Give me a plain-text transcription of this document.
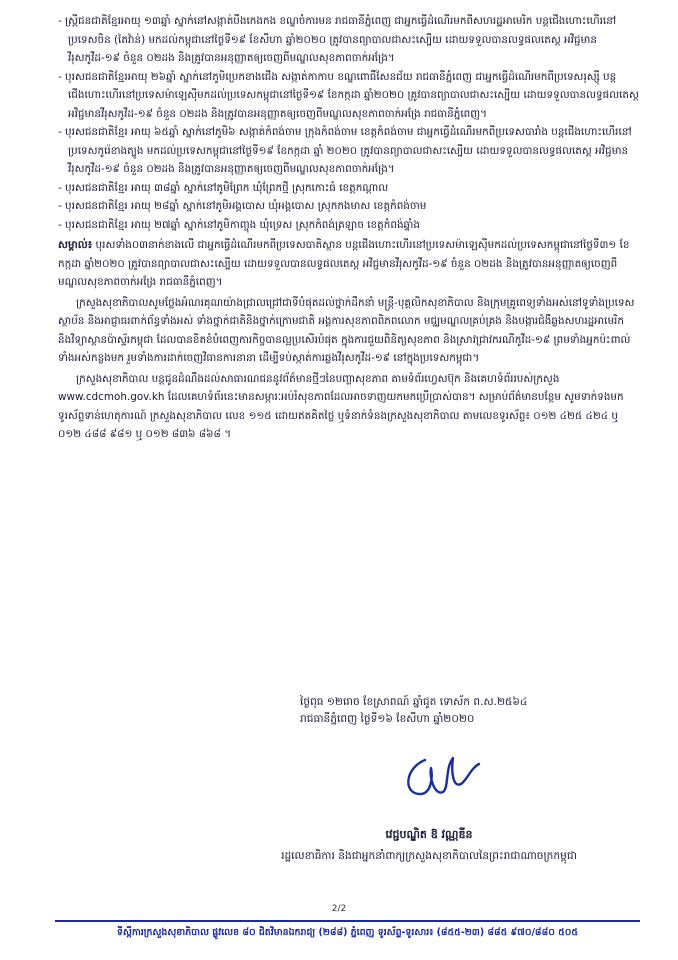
- ស្ត្រីជនជាតិខ្មែរអាយុ ១៣ឆ្នាំ ស្នាក់នៅសង្កាត់បឹងកេងកង ខណ្ឌចំការមន រាជធានីភ្នំពេញ ជាអ្នកធ្វើដំណើរមកពីសហរដ្ឋអាមេរិក បន្តជើងហោះហើរនៅប្រទេសចិន (តៃវ៉ាន់) មកដល់កម្ពុជានៅថ្ងៃទី១៩ ខែសីហា ឆ្នាំ២០២០ ត្រូវបានព្យាបាលជាសះស្បើយ ដោយទទួលបានលទ្ធផលតេស្ត អវិជ្ជមានវីរុសកូវីដ-១៩ ចំនួន ០២ដង និងត្រូវបានអនុញ្ញាតឲ្យចេញពីមណ្ឌលសុខភាពចាក់អង្រែ។

- បុរសជនជាតិខ្មែរអាយុ ២៦ឆ្នាំ ស្នាក់នៅភូមិប្រេកខាងជើង សង្កាត់កាកាប ខណ្ឌពោធិ៍សែនជ័យ រាជធានីភ្នំពេញ ជាអ្នកធ្វើដំណើរមកពីប្រទេសរុស្ស៊ី បន្តជើងហោះហើរនៅប្រទេសម៉ាឡេស៊ីមកដល់ប្រទេសកម្ពុជានៅថ្ងៃទី១៩ ខែកក្កដា ឆ្នាំ២០២០ ត្រូវបានព្យាបាលជាសះស្បើយ ដោយទទួលបានលទ្ធផលតេស្ត អវិជ្ជមានវីរុសកូវីដ-១៩ ចំនួន ០២ដង និងត្រូវបានអនុញ្ញាតឲ្យចេញពីមណ្ឌលសុខភាពចាក់អង្រែ រាជធានីភ្នំពេញ។

- បុរសជនជាតិខ្មែរ អាយុ ៦៥ឆ្នាំ ស្នាក់នៅភូមិ៦ សង្កាត់កំពង់ចាម ក្រុងកំពង់ចាម ខេត្តកំពង់ចាម ជាអ្នកធ្វើដំណើរមកពីប្រទេសបារាំង បន្តជើងហោះហើរនៅប្រទេសកូរ៉េខាងត្បូង មកដល់ប្រទេសកម្ពុជានៅថ្ងៃទី១៩ ខែកក្កដា ឆ្នាំ ២០២០ ត្រូវបានព្យាបាលជាសះស្បើយ ដោយទទួលបានលទ្ធផលតេស្ត អវិជ្ជមានវីរុសកូវីដ-១៩ ចំនួន ០២ដង និងត្រូវបានអនុញ្ញាតឲ្យចេញពីមណ្ឌលសុខភាពចាក់អង្រែ។

- បុរសជនជាតិខ្មែរ អាយុ ៣៨ឆ្នាំ ស្នាក់នៅភូមិព្រែក ឃុំព្រែកថ្មី ស្រុកកោះធំ ខេត្តកណ្តាល

- បុរសជនជាតិខ្មែរ អាយុ ២៨ឆ្នាំ ស្នាក់នៅភូមិអង្គបោស ឃុំអង្គបោស ស្រុកកងមាស ខេត្តកំពង់ចាម

- បុរសជនជាតិខ្មែរ អាយុ ២៧ឆ្នាំ ស្នាក់នៅភូមិកាញ្ចុង ឃុំទ្រេស ស្រុកកំពង់ត្រឡាច ខេត្តកំពង់ឆ្នាំង

សម្គាល់៖ បុរសទាំង០៣នាក់ខាងលើ ជាអ្នកធ្វើដំណើរមកពីប្រទេសបាតិស្ថាន បន្តជើងហោះហើរនៅប្រទេសម៉ាឡេស៊ីមកដល់ប្រទេសកម្ពុជានៅថ្ងៃទី៣១ ខែកក្កដា ឆ្នាំ២០២០ ត្រូវបានព្យាបាលជាសះស្បើយ ដោយទទួលបានលទ្ធផលតេស្ត អវិជ្ជមានវីរុសកូវីដ-១៩ ចំនួន ០២ដង និងត្រូវបានអនុញ្ញាតឲ្យចេញពីមណ្ឌលសុខភាពចាក់អង្រែ រាជធានីភ្នំពេញ។

ក្រសួងសុខាភិបាលសូមថ្លែងអំណរគុណយ៉ាងជ្រាលជ្រៅជាទីបំផុតដល់ថ្នាក់ដឹកនាំ មន្រ្តី-បុគ្គលិកសុខាភិបាល និងក្រុមគ្រូពេទ្យទាំងអស់នៅទូទាំងប្រទេស ស្ថាប័ន និងអាជ្ញាធរពាក់ព័ន្ធទាំងអស់ ទាំងថ្នាក់ជាតិនិងថ្នាក់ក្រោមជាតិ អង្គការសុខភាពពិភពលោក មជ្ឈមណ្ឌលគ្រប់គ្រង និងបង្ការជំងឺឆ្លងសហរដ្ឋអាមេរិក និងវិទ្យាស្ថានប៉ាស្ទ័រកម្ពុជា ដែលបានខិតខំបំពេញការកិច្ចបានល្អប្រសើរបំផុត ក្នុងការជួយពិនិត្យសុខភាព និងស្រាវជ្រាវករណីកូវីដ-១៩ ព្រមទាំងអ្នកប៉ះពាល់ទាំងអស់កន្លងមក រួមទាំងការដាក់ចេញវិធានការនានា ដើម្បីទប់ស្កាត់ការឆ្លងវីរុសកូវីដ-១៩ នៅក្នុងប្រទេសកម្ពុជា។

ក្រសួងសុខាភិបាល បន្តជូនដំណឹងដល់សាធារណជននូវព័ត៌មានថ្មីៗនៃបញ្ហាសុខភាព តាមទំព័រហ្វេសប៊ុក និងគេហទំព័ររបស់ក្រសួង www.cdcmoh.gov.kh ដែលគេហទំព័រនេះមានសម្ភារៈអប់រំសុខភាពដែលអាចទាញយកមកប្រើប្រាស់បាន។ សម្រាប់ព័ត៌មានបន្ថែម សូមទាក់ទងមកទូរស័ព្ទទាន់ហេតុការណ៍ ក្រសួងសុខាភិបាល លេខ ១១៥ ដោយឥតគិតថ្លៃ ឬទំនាក់ទំនងក្រសួងសុខាភិបាល តាមលេខទូរស័ព្ទ៖ ០១២ ៤២៥ ៤២៤ ឬ ០១២ ៤៨៨ ៩៨១ ឬ ០១២ ៨៣៦ ៨៦៨ ។

ថ្ងៃពុធ ១២រោច ខែស្រាពណ៍ ឆ្នាំជូត ទោស័ក ព.ស.២៥៦៤
រាជធានីភ្នំពេញ ថ្ងៃទី១៦ ខែសីហា ឆ្នាំ២០២០
វេជ្ជបណ្ឌិត ឱ វណ្ណឌីន
រដ្ឋលេខាធិការ និងជាអ្នកនាំពាក្យក្រសួងសុខាភិបាលនៃព្រះរាជាណាចក្រកម្ពុជា
2/2
ទីស្តីការក្រសួងសុខាភិបាល ផ្លូវលេខ ៨០ ជិតវិមានឯករាជ្យ (២៨៨) ភ្នំពេញ ទូរស័ព្ទ-ទូរសារ៖ (៨៥៥-២៣) ៨៨៥ ៩៧០/៨៨០ ៥០៥
